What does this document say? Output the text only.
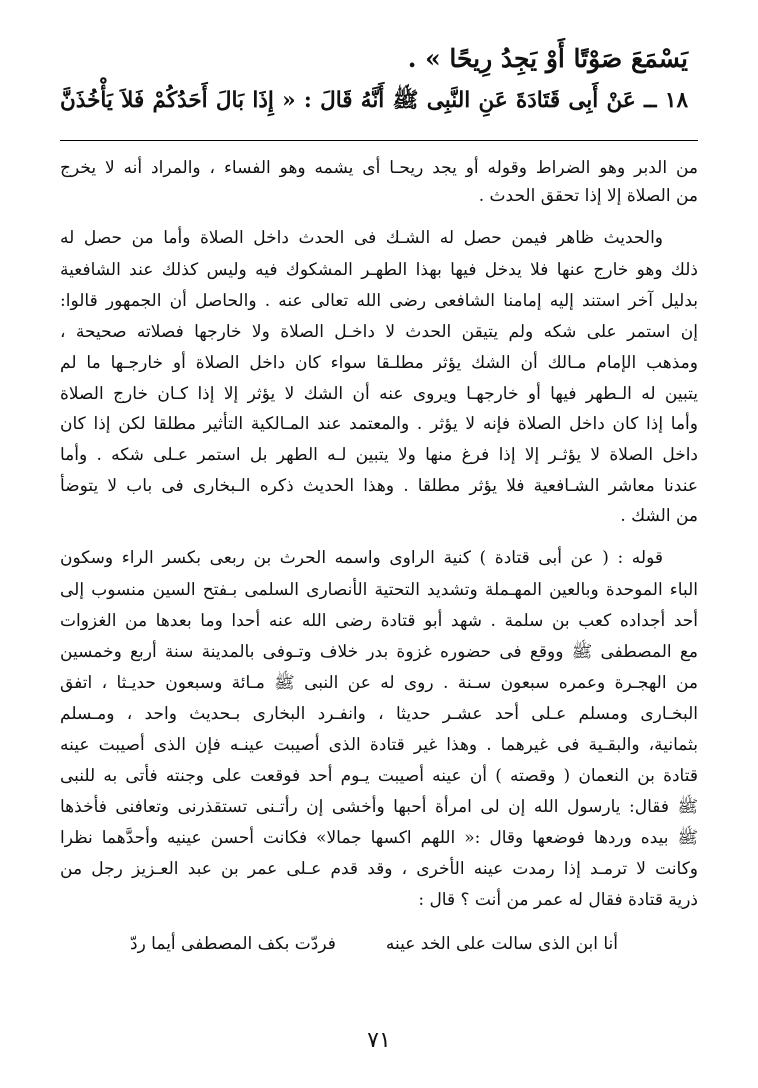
يَسْمَعَ صَوْتًا أَوْ يَجِدُ رِيحًا » .
١٨ ــ عَنْ أَبِى قَتَادَةَ عَنِ النَّبِى ﷺ أَنَّهُ قَالَ : « إِذَا بَالَ أَحَدُكُمْ فَلاَ يَأْخُذَنَّ
من الدبر وهو الضراط وقوله أو يجد ريحـا أى يشمه وهو الفساء ، والمراد أنه لا يخرج
من الصلاة إلا إذا تحقق الحدث .
والحديث ظاهر فيمن حصل له الشـك فى الحدث داخل الصلاة وأما من حصل له
ذلك وهو خارج عنها فلا يدخل فيها بهذا الطهـر المشكوك فيه وليس كذلك عند الشافعية
بدليل آخر استند إليه إمامنا الشافعى رضى الله تعالى عنه . والحاصل أن الجمهور قالوا:
إن استمر على شكه ولم يتيقن الحدث لا داخـل الصلاة ولا خارجها فصلاته صحيحة ،
ومذهب الإمام مـالك أن الشك يؤثر مطلـقا سواء كان داخل الصلاة أو خارجـها ما لم
يتبين له الـطهر فيها أو خارجهـا ويروى عنه أن الشك لا يؤثر إلا إذا كـان خارج الصلاة
وأما إذا كان داخل الصلاة فإنه لا يؤثر . والمعتمد عند المـالكية التأثير مطلقا لكن إذا كان
داخل الصلاة لا يؤثـر إلا إذا فرغ منها ولا يتبين لـه الطهر بل استمر عـلى شكه . وأما
عندنا معاشر الشـافعية فلا يؤثر مطلقا . وهذا الحديث ذكره الـبخارى فى باب لا يتوضأ
من الشك .
قوله : ( عن أبى قتادة ) كنية الراوى واسمه الحرث بن ربعى بكسر الراء وسكون
الباء الموحدة وبالعين المهـملة وتشديد التحتية الأنصارى السلمى بـفتح السين منسوب إلى
أحد أجداده كعب بن سلمة . شهد أبو قتادة رضى الله عنه أحدا وما بعدها من الغزوات
مع المصطفى ﷺ ووقع فى حضوره غزوة بدر خلاف وتـوفى بالمدينة سنة أربع وخمسين
من الهجـرة وعمره سبعون سـنة . روى له عن النبى ﷺ مـائة وسبعون حديـثا ، اتفق
البخـارى ومسلم عـلى أحد عشـر حديثا ، وانفـرد البخارى بـحديث واحد ، ومـسلم
بثمانية، والبقـية فى غيرهما . وهذا غير قتادة الذى أصيبت عينـه فإن الذى أصيبت عينه
قتادة بن النعمان ( وقصته ) أن عينه أصيبت يـوم أحد فوقعت على وجنته فأتى به للنبى
ﷺ فقال: يارسول الله إن لى امرأة أحبها وأخشى إن رأتـنى تستقذرنى وتعافنى فأخذها
ﷺ بيده وردها فوضعها وقال :« اللهم اكسها جمالا» فكانت أحسن عينيه وأحدَّهما نظرا
وكانت لا ترمـد إذا رمدت عينه الأخرى ، وقد قدم عـلى عمر بن عبد العـزيز رجل من
ذرية قتادة فقال له عمر من أنت ؟ قال :
أنا ابن الذى سالت على الخد عينه
فردّت بكف المصطفى أيما ردّ
٧١
